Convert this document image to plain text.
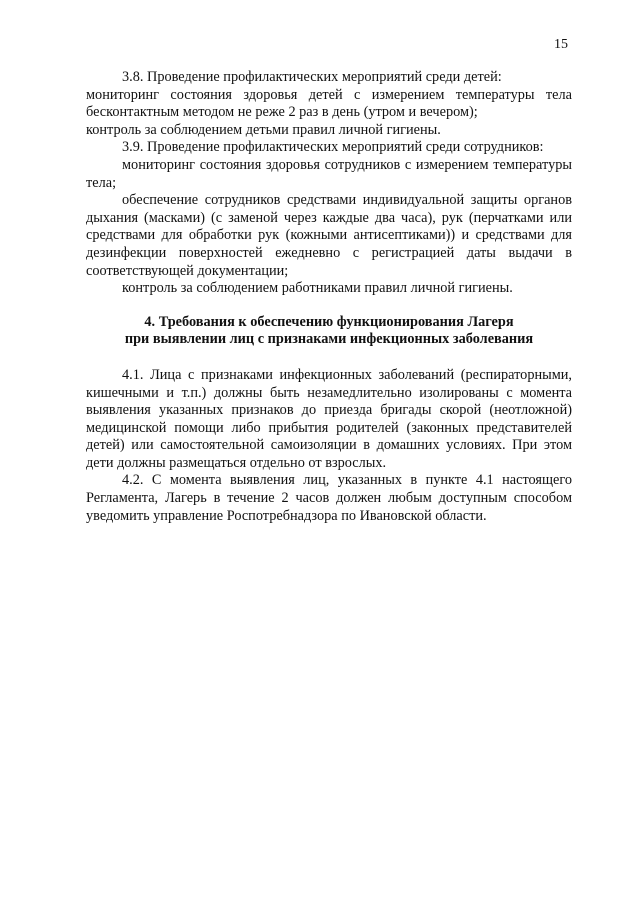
15

3.8. Проведение профилактических мероприятий среди детей:

мониторинг состояния здоровья детей с измерением температуры тела бесконтактным методом не реже 2 раз в день (утром и вечером);

контроль за соблюдением детьми правил личной гигиены.

3.9. Проведение профилактических мероприятий среди сотрудников:

мониторинг состояния здоровья сотрудников с измерением температуры тела;

обеспечение сотрудников средствами индивидуальной защиты органов дыхания (масками) (с заменой через каждые два часа), рук (перчатками или средствами для обработки рук (кожными антисептиками)) и средствами для дезинфекции поверхностей ежедневно с регистрацией даты выдачи в соответствующей документации;

контроль за соблюдением работниками правил личной гигиены.

4. Требования к обеспечению функционирования Лагеря
при выявлении лиц с признаками инфекционных заболевания

4.1. Лица с признаками инфекционных заболеваний (респираторными, кишечными и т.п.) должны быть незамедлительно изолированы с момента выявления указанных признаков до приезда бригады скорой (неотложной) медицинской помощи либо прибытия родителей (законных представителей детей) или самостоятельной самоизоляции в домашних условиях. При этом дети должны размещаться отдельно от взрослых.

4.2. С момента выявления лиц, указанных в пункте 4.1 настоящего Регламента, Лагерь в течение 2 часов должен любым доступным способом уведомить управление Роспотребнадзора по Ивановской области.
